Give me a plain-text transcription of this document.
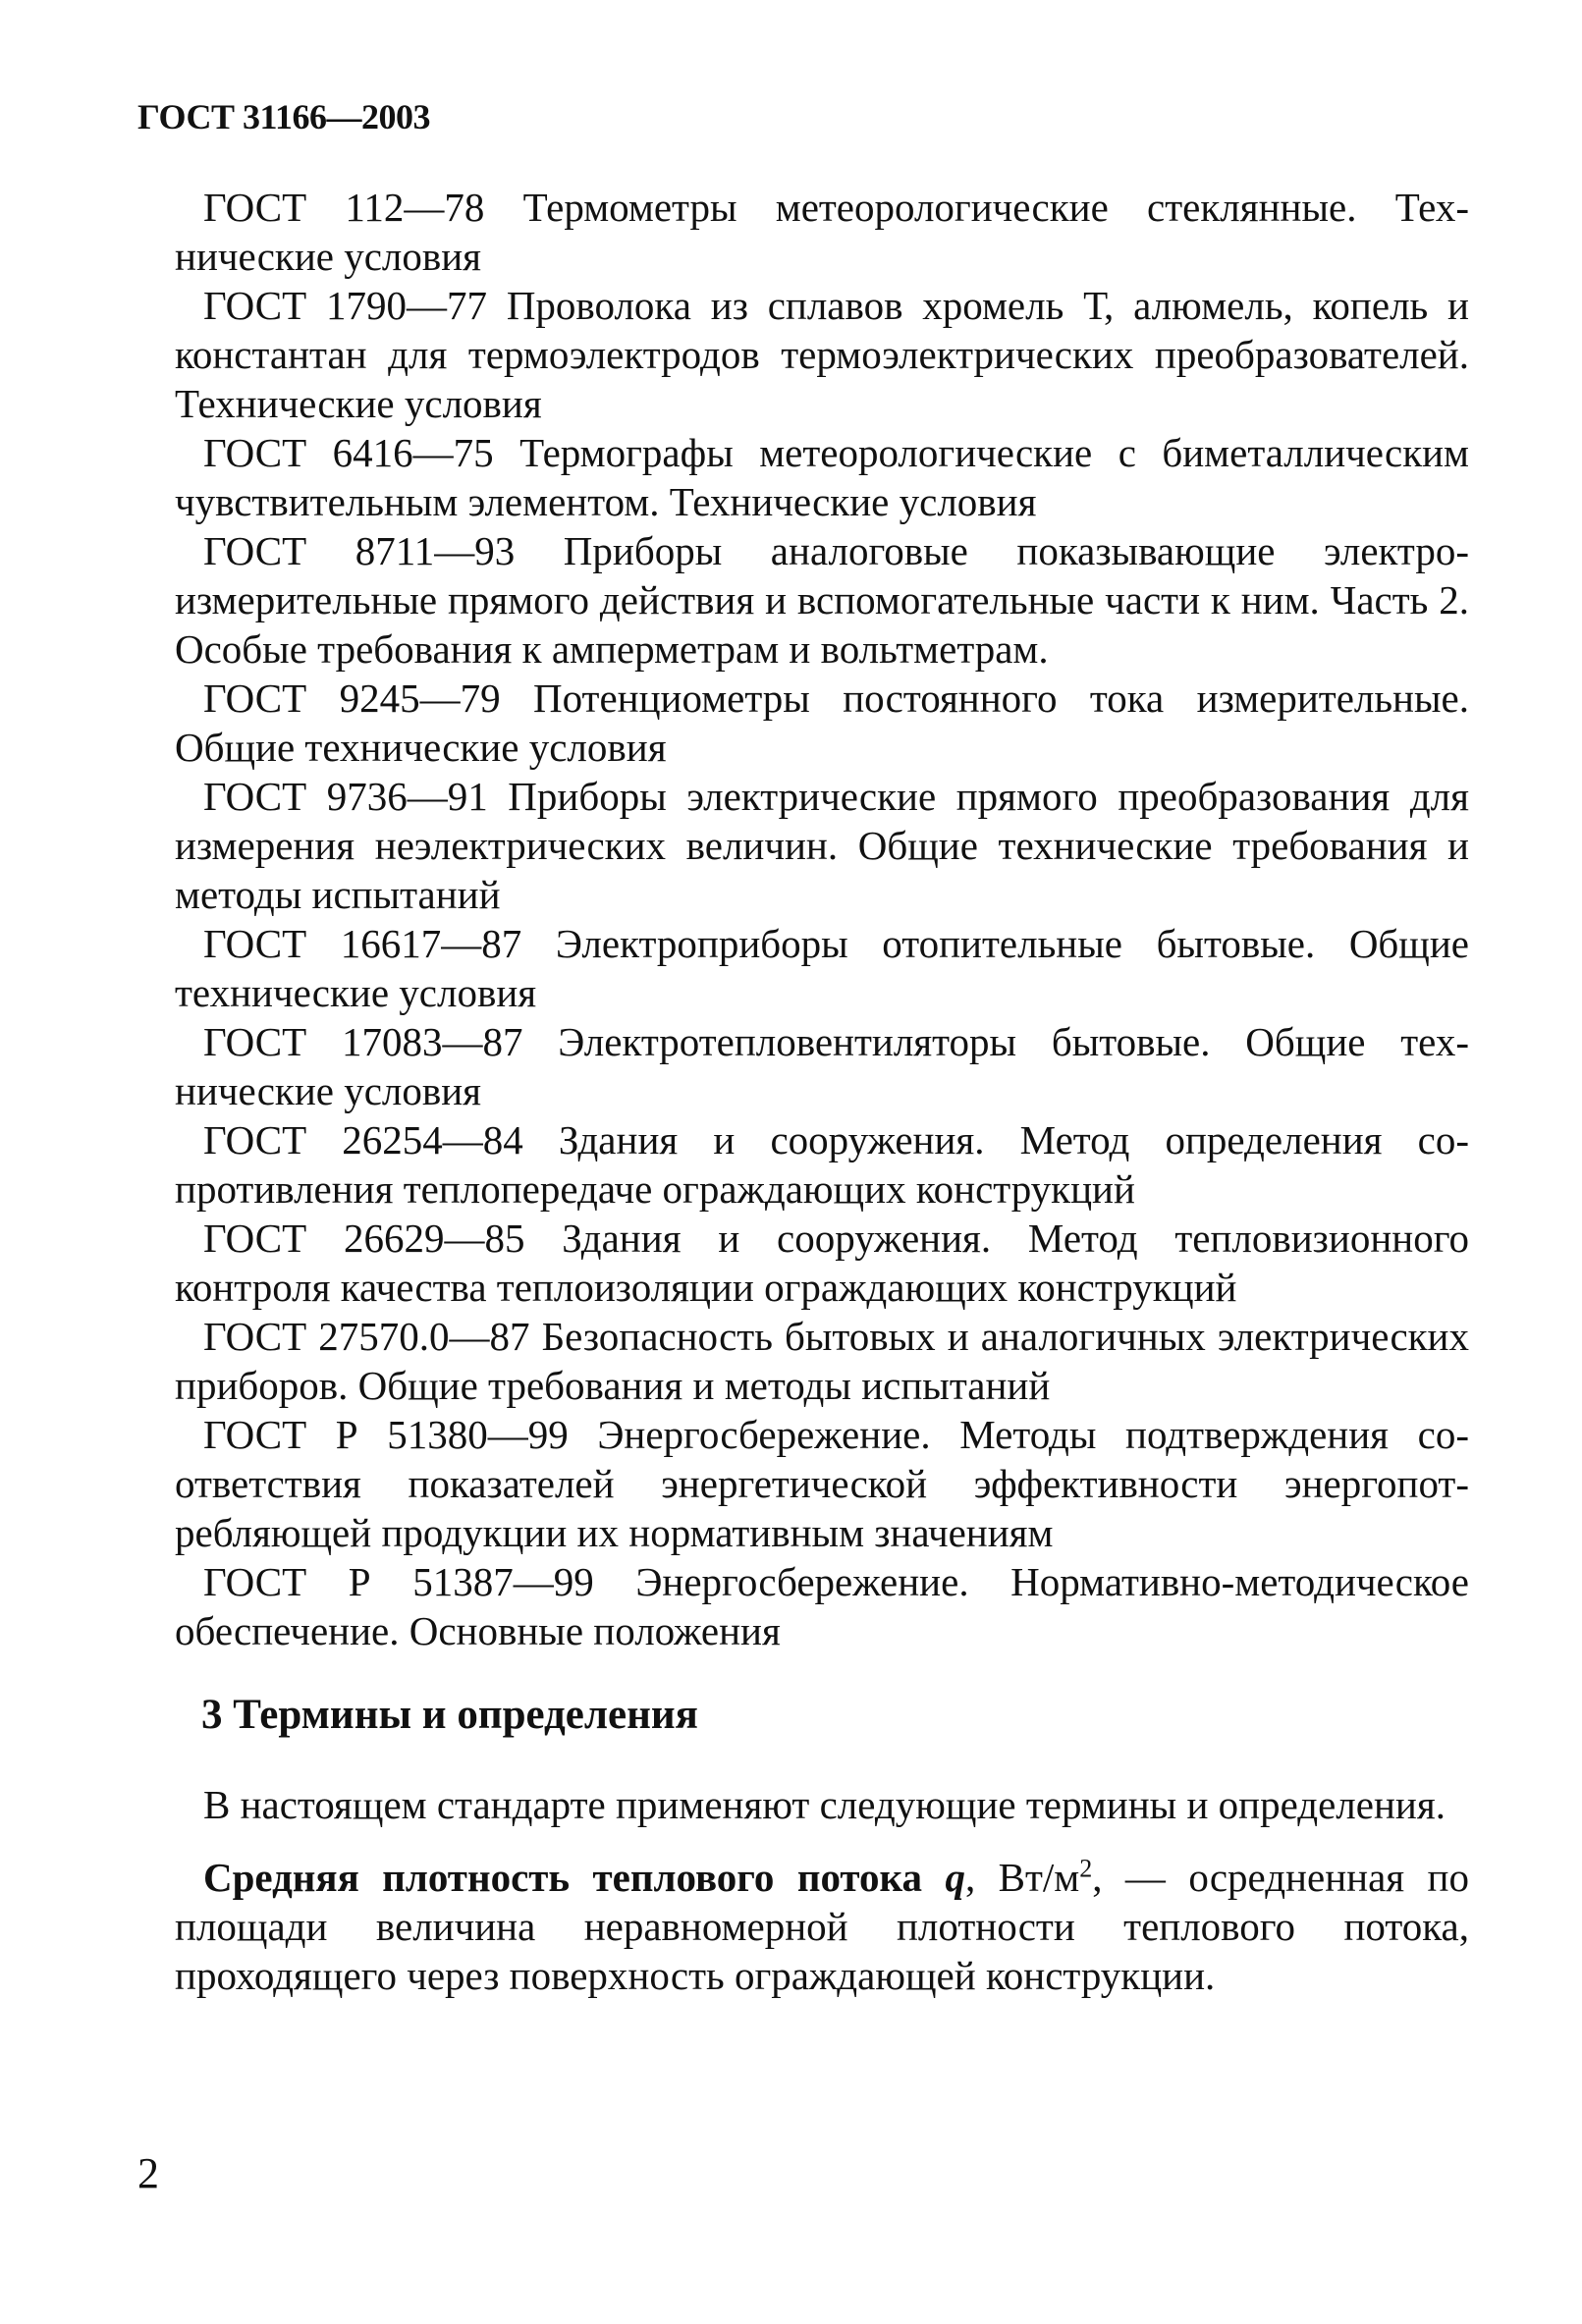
ГОСТ 31166—2003

ГОСТ 112—78 Термометры метеорологические стеклянные. Технические условия

ГОСТ 1790—77 Проволока из сплавов хромель Т, алюмель, копель и константан для термоэлектродов термоэлектрических преобразователей. Технические условия

ГОСТ 6416—75 Термографы метеорологические с биметаллическим чувствительным элементом. Технические условия

ГОСТ 8711—93 Приборы аналоговые показывающие электроизмерительные прямого действия и вспомогательные части к ним. Часть 2. Особые требования к амперметрам и вольтметрам.

ГОСТ 9245—79 Потенциометры постоянного тока измерительные. Общие технические условия

ГОСТ 9736—91 Приборы электрические прямого преобразования для измерения неэлектрических величин. Общие технические требования и методы испытаний

ГОСТ 16617—87 Электроприборы отопительные бытовые. Общие технические условия

ГОСТ 17083—87 Электротепловентиляторы бытовые. Общие технические условия

ГОСТ 26254—84 Здания и сооружения. Метод определения сопротивления теплопередаче ограждающих конструкций

ГОСТ 26629—85 Здания и сооружения. Метод тепловизионного контроля качества теплоизоляции ограждающих конструкций

ГОСТ 27570.0—87 Безопасность бытовых и аналогичных электрических приборов. Общие требования и методы испытаний

ГОСТ Р 51380—99 Энергосбережение. Методы подтверждения соответствия показателей энергетической эффективности энергопотребляющей продукции их нормативным значениям

ГОСТ Р 51387—99 Энергосбережение. Нормативно-методическое обеспечение. Основные положения

3 Термины и определения

В настоящем стандарте применяют следующие термины и определения.

Средняя плотность теплового потока q, $Вт/м^2$, — осредненная по площади величина неравномерной плотности теплового потока, проходящего через поверхность ограждающей конструкции.

2
